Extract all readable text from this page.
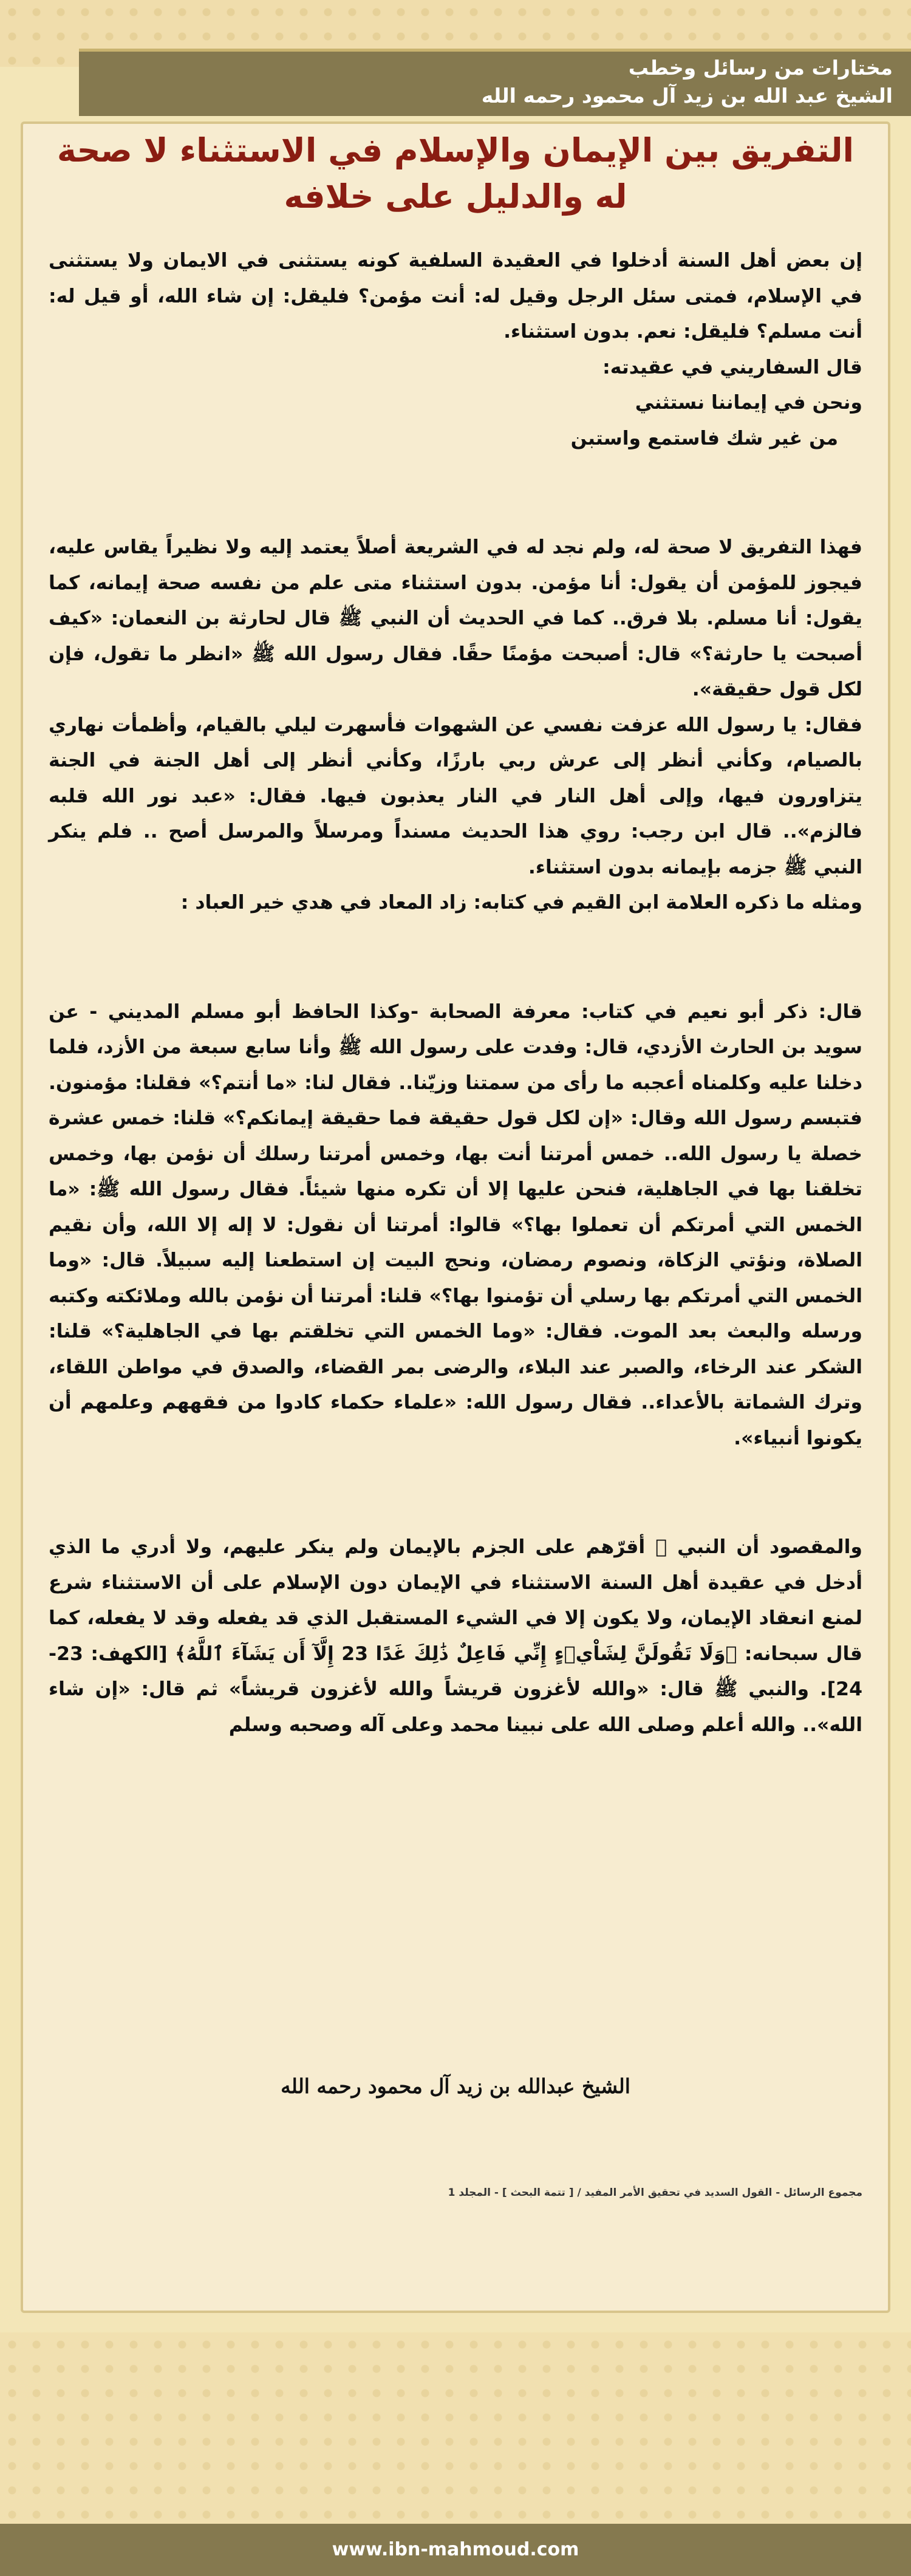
مختارات من رسائل وخطب
الشيخ عبد الله بن زيد آل محمود رحمه الله
التفريق بين الإيمان والإسلام في الاستثناء لا صحة له والدليل على خلافه

إن بعض أهل السنة أدخلوا في العقيدة السلفية كونه يستثنى في الايمان ولا يستثنى في الإسلام، فمتى سئل الرجل وقيل له: أنت مؤمن؟ فليقل: إن شاء الله، أو قيل له: أنت مسلم؟ فليقل: نعم. بدون استثناء.

قال السفاريني في عقيدته:

ونحن في إيماننا نستثني

من غير شك فاستمع واستبن

فهذا التفريق لا صحة له، ولم نجد له في الشريعة أصلاً يعتمد إليه ولا نظيراً يقاس عليه، فيجوز للمؤمن أن يقول: أنا مؤمن. بدون استثناء متى علم من نفسه صحة إيمانه، كما يقول: أنا مسلم. بلا فرق.. كما في الحديث أن النبي ﷺ قال لحارثة بن النعمان: «كيف أصبحت يا حارثة؟» قال: أصبحت مؤمنًا حقًا. فقال رسول الله ﷺ «انظر ما تقول، فإن لكل قول حقيقة».

فقال: يا رسول الله عزفت نفسي عن الشهوات فأسهرت ليلي بالقيام، وأظمأت نهاري بالصيام، وكأني أنظر إلى عرش ربي بارزًا، وكأني أنظر إلى أهل الجنة في الجنة يتزاورون فيها، وإلى أهل النار في النار يعذبون فيها. فقال: «عبد نور الله قلبه فالزم».. قال ابن رجب: روي هذا الحديث مسنداً ومرسلاً والمرسل أصح .. فلم ينكر النبي ﷺ جزمه بإيمانه بدون استثناء.

ومثله ما ذكره العلامة ابن القيم في كتابه: زاد المعاد في هدي خير العباد :

قال: ذكر أبو نعيم في كتاب: معرفة الصحابة -وكذا الحافظ أبو مسلم المديني - عن سويد بن الحارث الأزدي، قال: وفدت على رسول الله ﷺ وأنا سابع سبعة من الأزد، فلما دخلنا عليه وكلمناه أعجبه ما رأى من سمتنا وزيّنا.. فقال لنا: «ما أنتم؟» فقلنا: مؤمنون. فتبسم رسول الله وقال: «إن لكل قول حقيقة فما حقيقة إيمانكم؟» قلنا: خمس عشرة خصلة يا رسول الله.. خمس أمرتنا أنت بها، وخمس أمرتنا رسلك أن نؤمن بها، وخمس تخلقنا بها في الجاهلية، فنحن عليها إلا أن تكره منها شيئاً. فقال رسول الله ﷺ: «ما الخمس التي أمرتكم أن تعملوا بها؟» قالوا: أمرتنا أن نقول: لا إله إلا الله، وأن نقيم الصلاة، ونؤتي الزكاة، ونصوم رمضان، ونحج البيت إن استطعنا إليه سبيلاً. قال: «وما الخمس التي أمرتكم بها رسلي أن تؤمنوا بها؟» قلنا: أمرتنا أن نؤمن بالله وملائكته وكتبه ورسله والبعث بعد الموت. فقال: «وما الخمس التي تخلقتم بها في الجاهلية؟» قلنا: الشكر عند الرخاء، والصبر عند البلاء، والرضى بمر القضاء، والصدق في مواطن اللقاء، وترك الشماتة بالأعداء.. فقال رسول الله: «علماء حكماء كادوا من فقههم وعلمهم أن يكونوا أنبياء».

والمقصود أن النبي ﷺ أقرّهم على الجزم بالإيمان ولم ينكر عليهم، ولا أدري ما الذي أدخل في عقيدة أهل السنة الاستثناء في الإيمان دون الإسلام على أن الاستثناء شرع لمنع انعقاد الإيمان، ولا يكون إلا في الشيء المستقبل الذي قد يفعله وقد لا يفعله، كما قال سبحانه: ﴿وَلَا تَقُولَنَّ لِشَاْيۡءٍ إِنِّي فَاعِلٌ ذَٰلِكَ غَدًا 23 إِلَّآ أَن يَشَآءَ ٱللَّهُ﴾ [الكهف: 23-24]. والنبي ﷺ قال: «والله لأغزون قريشاً والله لأغزون قريشاً» ثم قال: «إن شاء الله».. والله أعلم وصلى الله على نبينا محمد وعلى آله وصحبه وسلم

الشيخ عبدالله بن زيد آل محمود رحمه الله
مجموع الرسائل - القول السديد في تحقيق الأمر المفيد / [ تتمة البحث ] - المجلد 1
www.ibn-mahmoud.com
